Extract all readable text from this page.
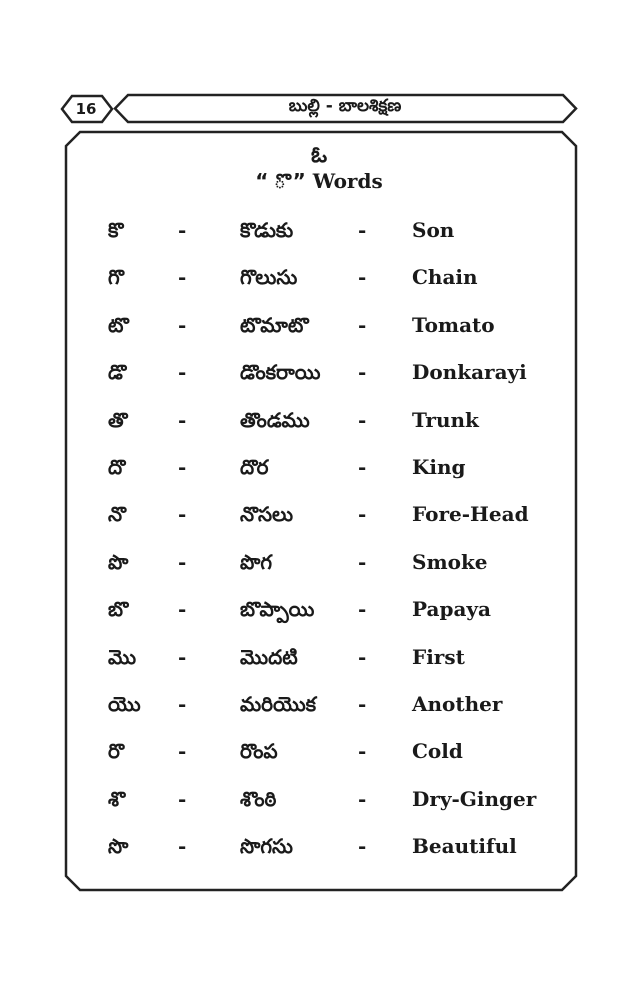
16	బుల్లి - బాలశిక్షణ
ఓ
“ ొ ” Words
కొ	-	కొడుకు	- Son
గొ	-	గొలుసు	- Chain
టొ -	టొమాటొ - Tomato
డొ	-	డొంకరాయి - Donkarayi
తొ	-	తొండము - Trunk
దొ	-	దొర	- King
నొ	-	నొసలు	- Fore-Head
పొ -	పొగ	- Smoke
బొ -	బొప్పాయి - Papaya
మొ -	మొదటి	- First
యొ -	మరియొక - Another
రొ	-	రొంప	- Cold
శొ	-	శొంఠి	- Dry-Ginger
సొ -	సొగసు	- Beautiful
